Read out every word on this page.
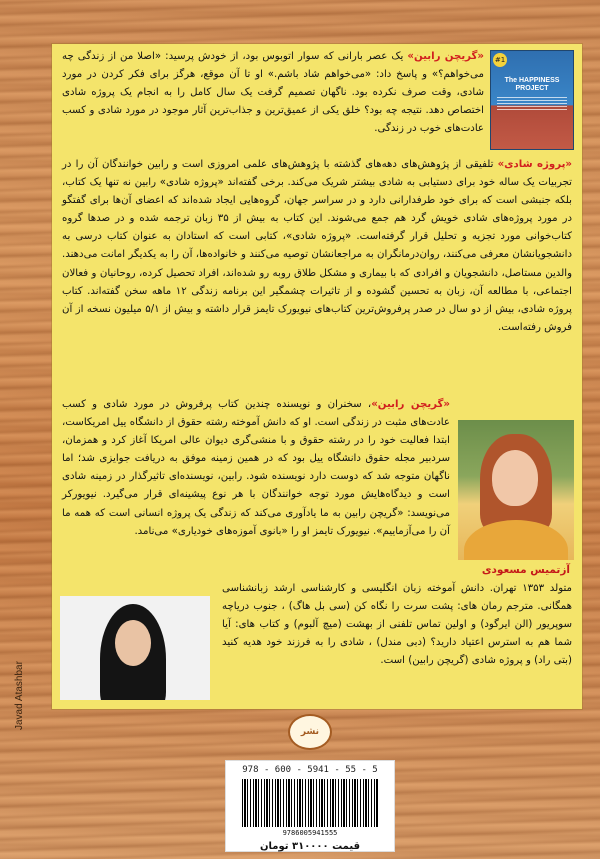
#1
The HAPPINESS PROJECT

«گریچن رابین» یک عصر بارانی که سوار اتوبوس بود، از خودش پرسید: «اصلا من از زندگی چه می‌خواهم؟» و پاسخ داد: «می‌خواهم شاد باشم.» او تا آن موقع، هرگز برای فکر کردن در مورد شادی، وقت صرف نکرده بود. ناگهان تصمیم گرفت یک سال کامل را به انجام یک پروژه شادی اختصاص دهد. نتیجه چه بود؟ خلق یکی از عمیق‌ترین و جذاب‌ترین آثار موجود در مورد شادی و کسب عادت‌های خوب در زندگی.

«پروژه شادی» تلفیقی از پژوهش‌های دهه‌های گذشته با پژوهش‌های علمی امروزی است و رابین خوانندگان آن را در تجربیات یک ساله خود برای دستیابی به شادی بیشتر شریک می‌کند. برخی گفته‌اند «پروژه شادی» رابین نه تنها یک کتاب، بلکه جنبشی است که برای خود طرفدارانی دارد و در سراسر جهان، گروه‌هایی ایجاد شده‌اند که اعضای آن‌ها برای گفتگو در مورد پروژه‌های شادی خویش گرد هم جمع می‌شوند. این کتاب به بیش از ۳۵ زبان ترجمه شده و در صدها گروه کتاب‌خوانی مورد تجزیه و تحلیل قرار گرفته‌است. «پروژه شادی»، کتابی است که استادان به عنوان کتاب درسی به دانشجویانشان معرفی می‌کنند، روان‌درمانگران به مراجعانشان توصیه می‌کنند و خانواده‌ها، آن را به یکدیگر امانت می‌دهند. والدین مستاصل، دانشجویان و افرادی که با بیماری و مشکل طلاق روبه رو شده‌اند، افراد تحصیل کرده، روحانیان و فعالان اجتماعی، با مطالعه آن، زبان به تحسین گشوده و از تاثیرات چشمگیر این برنامه زندگی ۱۲ ماهه سخن گفته‌اند. کتاب پروژه شادی، بیش از دو سال در صدر پرفروش‌ترین کتاب‌های نیویورک تایمز قرار داشته و بیش از ۵/۱ میلیون نسخه از آن فروش رفته‌است.

«گریچن رابین»، سخنران و نویسنده چندین کتاب پرفروش در مورد شادی و کسب عادت‌های مثبت در زندگی است. او که دانش آموخته رشته حقوق از دانشگاه ییل امریکاست، ابتدا فعالیت خود را در رشته حقوق و با منشی‌گری دیوان عالی امریکا آغاز کرد و همزمان، سردبیر مجله حقوق دانشگاه ییل بود که در همین زمینه موفق به دریافت جوایزی شد؛ اما ناگهان متوجه شد که دوست دارد نویسنده شود. رابین، نویسنده‌ای تاثیرگذار در زمینه شادی است و دیدگاه‌هایش مورد توجه خوانندگان با هر نوع پیشینه‌ای قرار می‌گیرد. نیویورکر می‌نویسد: «گریچن رابین به ما یادآوری می‌کند که زندگی یک پروژه انسانی است که همه ما آن را می‌آزماییم». نیویورک تایمز او را «بانوی آموزه‌های خودیاری» می‌نامد.

آزتمیس مسعودی

متولد ۱۳۵۳ تهران. دانش آموخته زبان انگلیسی و کارشناسی ارشد زبانشناسی همگانی. مترجم رمان های: پشت سرت را نگاه کن (سی بل هاگ) ، جنوب دریاچه سوپریور (الن ایرگود) و اولین تماس تلفنی از بهشت (میچ آلبوم) و کتاب های: آیا شما هم به استرس اعتیاد دارید؟ (دبی مندل) ، شادی را به فرزند خود هدیه کنید (بتی راد) و پروژه شادی (گریچن رابین) است.

نشر
978 - 600 - 5941 - 55 - 5
9786005941555
قیمت ۳۱۰۰۰۰ تومان
Javad Atashbar
